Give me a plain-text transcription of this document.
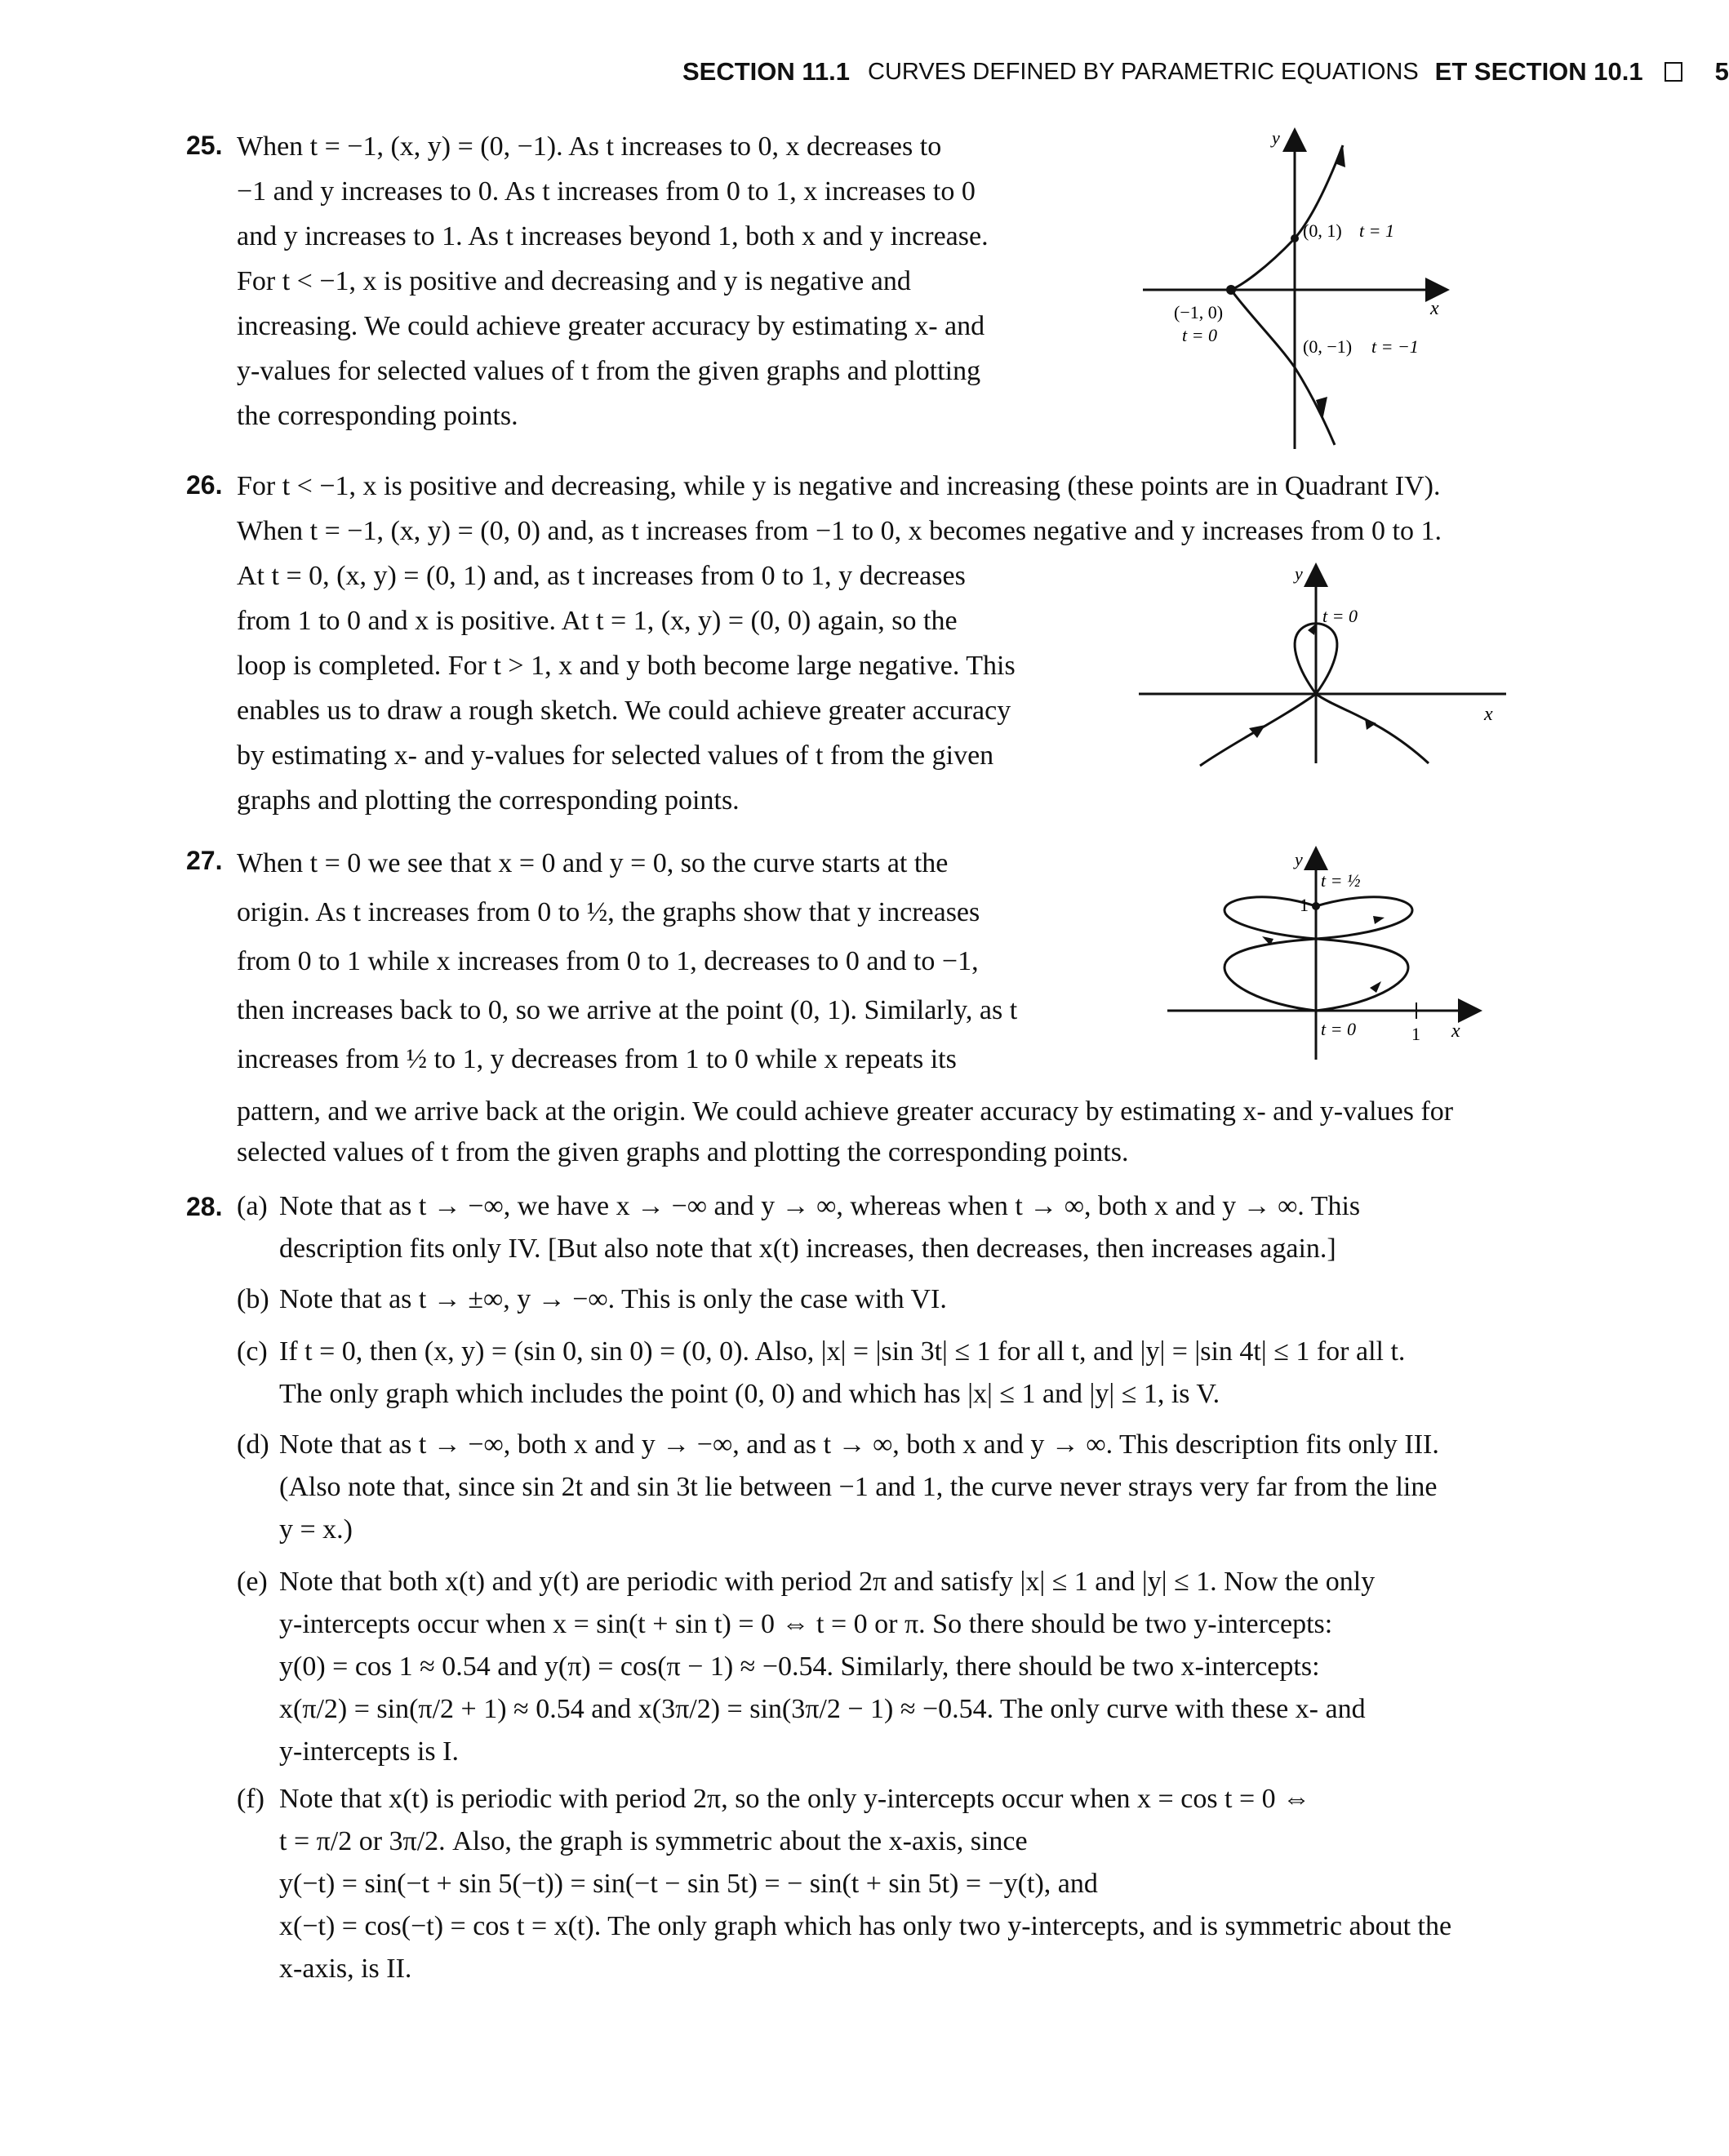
SECTION 11.1 CURVES DEFINED BY PARAMETRIC EQUATIONS ET SECTION 10.1	5
25. When t = −1, (x, y) = (0, −1). As t increases to 0, x decreases to
−1 and y increases to 0. As t increases from 0 to 1, x increases to 0
and y increases to 1. As t increases beyond 1, both x and y increase.
For t < −1, x is positive and decreasing and y is negative and
increasing. We could achieve greater accuracy by estimating x- and
y-values for selected values of t from the given graphs and plotting
the corresponding points.
y
x
(0, 1) t = 1
(−1, 0)
t = 0
(0, −1) t = −1
26. For t < −1, x is positive and decreasing, while y is negative and increasing (these points are in Quadrant IV).
When t = −1, (x, y) = (0, 0) and, as t increases from −1 to 0, x becomes negative and y increases from 0 to 1.
At t = 0, (x, y) = (0, 1) and, as t increases from 0 to 1, y decreases
from 1 to 0 and x is positive. At t = 1, (x, y) = (0, 0) again, so the
loop is completed. For t > 1, x and y both become large negative. This
enables us to draw a rough sketch. We could achieve greater accuracy
by estimating x- and y-values for selected values of t from the given
graphs and plotting the corresponding points.
y
x
t = 0
27. When t = 0 we see that x = 0 and y = 0, so the curve starts at the
origin. As t increases from 0 to ½, the graphs show that y increases
from 0 to 1 while x increases from 0 to 1, decreases to 0 and to −1,
then increases back to 0, so we arrive at the point (0, 1). Similarly, as t
increases from ½ to 1, y decreases from 1 to 0 while x repeats its
pattern, and we arrive back at the origin. We could achieve greater accuracy by estimating x- and y-values for
selected values of t from the given graphs and plotting the corresponding points.
y
x
1
1
t = ½
t = 0
28. (a) Note that as t → −∞, we have x → −∞ and y → ∞, whereas when t → ∞, both x and y → ∞. This
description fits only IV. [But also note that x(t) increases, then decreases, then increases again.]
(b) Note that as t → ±∞, y → −∞. This is only the case with VI.
(c) If t = 0, then (x, y) = (sin 0, sin 0) = (0, 0). Also, |x| = |sin 3t| ≤ 1 for all t, and |y| = |sin 4t| ≤ 1 for all t.
The only graph which includes the point (0, 0) and which has |x| ≤ 1 and |y| ≤ 1, is V.
(d) Note that as t → −∞, both x and y → −∞, and as t → ∞, both x and y → ∞. This description fits only III.
(Also note that, since sin 2t and sin 3t lie between −1 and 1, the curve never strays very far from the line
y = x.)
(e) Note that both x(t) and y(t) are periodic with period 2π and satisfy |x| ≤ 1 and |y| ≤ 1. Now the only
y-intercepts occur when x = sin(t + sin t) = 0 ⇔ t = 0 or π. So there should be two y-intercepts:
y(0) = cos 1 ≈ 0.54 and y(π) = cos(π − 1) ≈ −0.54. Similarly, there should be two x-intercepts:
x(π/2) = sin(π/2 + 1) ≈ 0.54 and x(3π/2) = sin(3π/2 − 1) ≈ −0.54. The only curve with these x- and
y-intercepts is I.
(f) Note that x(t) is periodic with period 2π, so the only y-intercepts occur when x = cos t = 0 ⇔
t = π/2 or 3π/2. Also, the graph is symmetric about the x-axis, since
y(−t) = sin(−t + sin 5(−t)) = sin(−t − sin 5t) = − sin(t + sin 5t) = −y(t), and
x(−t) = cos(−t) = cos t = x(t). The only graph which has only two y-intercepts, and is symmetric about the
x-axis, is II.
